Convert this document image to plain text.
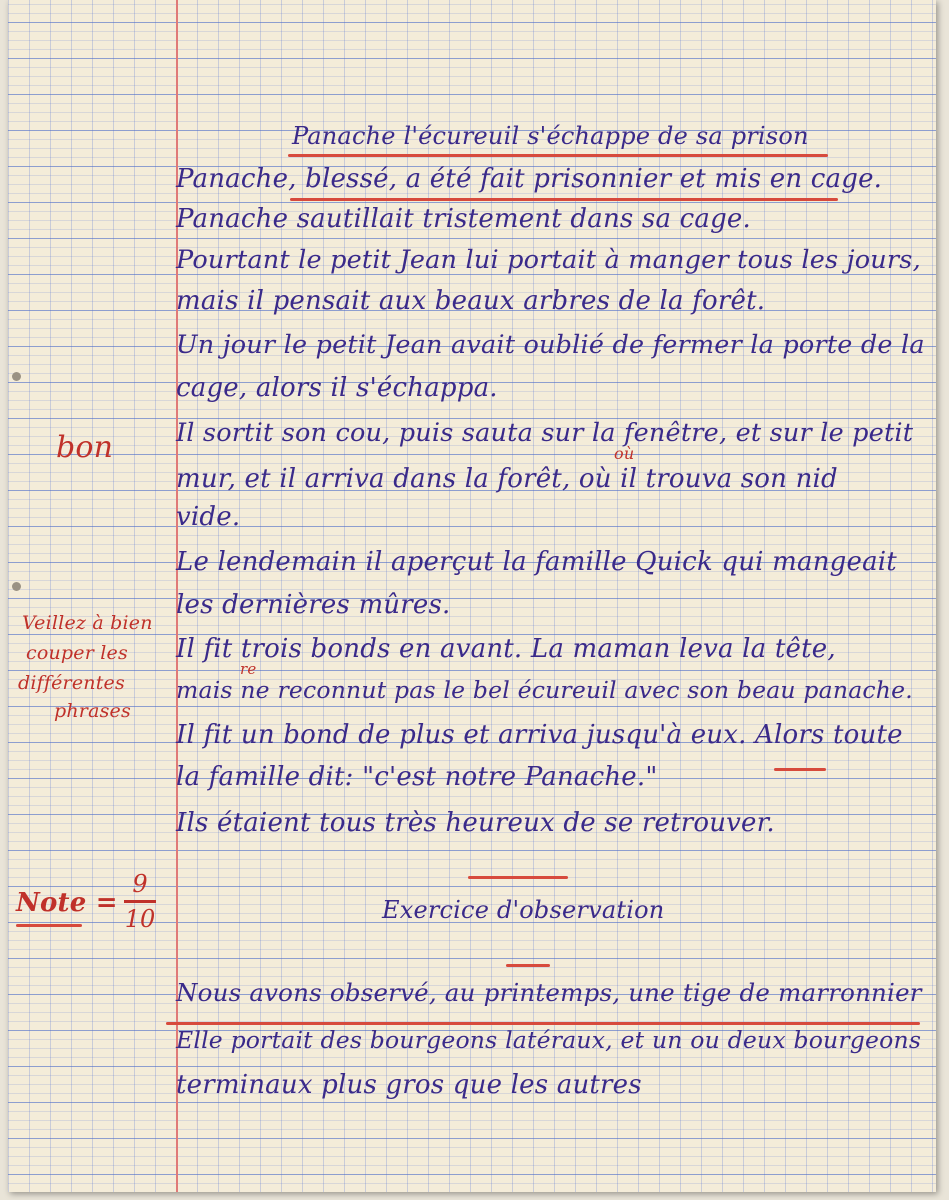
Panache l'écureuil s'échappe de sa prison

Panache, blessé, a été fait prisonnier et mis en cage.

Panache sautillait tristement dans sa cage.

Pourtant le petit Jean lui portait à manger tous les jours,

mais il pensait aux beaux arbres de la forêt.

Un jour le petit Jean avait oublié de fermer la porte de la

cage, alors il s'échappa.

Il sortit son cou, puis sauta sur la fenêtre, et sur le petit

mur, et il arriva dans la forêt, où il trouva son nid

où

vide.

Le lendemain il aperçut la famille Quick qui mangeait

les dernières mûres.

Il fit trois bonds en avant. La maman leva la tête,

mais ne reconnut pas le bel écureuil avec son beau panache.

re

Il fit un bond de plus et arriva jusqu'à eux. Alors toute

la famille dit: "c'est notre Panache."

Ils étaient tous très heureux de se retrouver.

Exercice d'observation

Nous avons observé, au printemps, une tige de marronnier

Elle portait des bourgeons latéraux, et un ou deux bourgeons

terminaux plus gros que les autres

bon

Veillez à bien

couper les

différentes

phrases

Note =

9
10
